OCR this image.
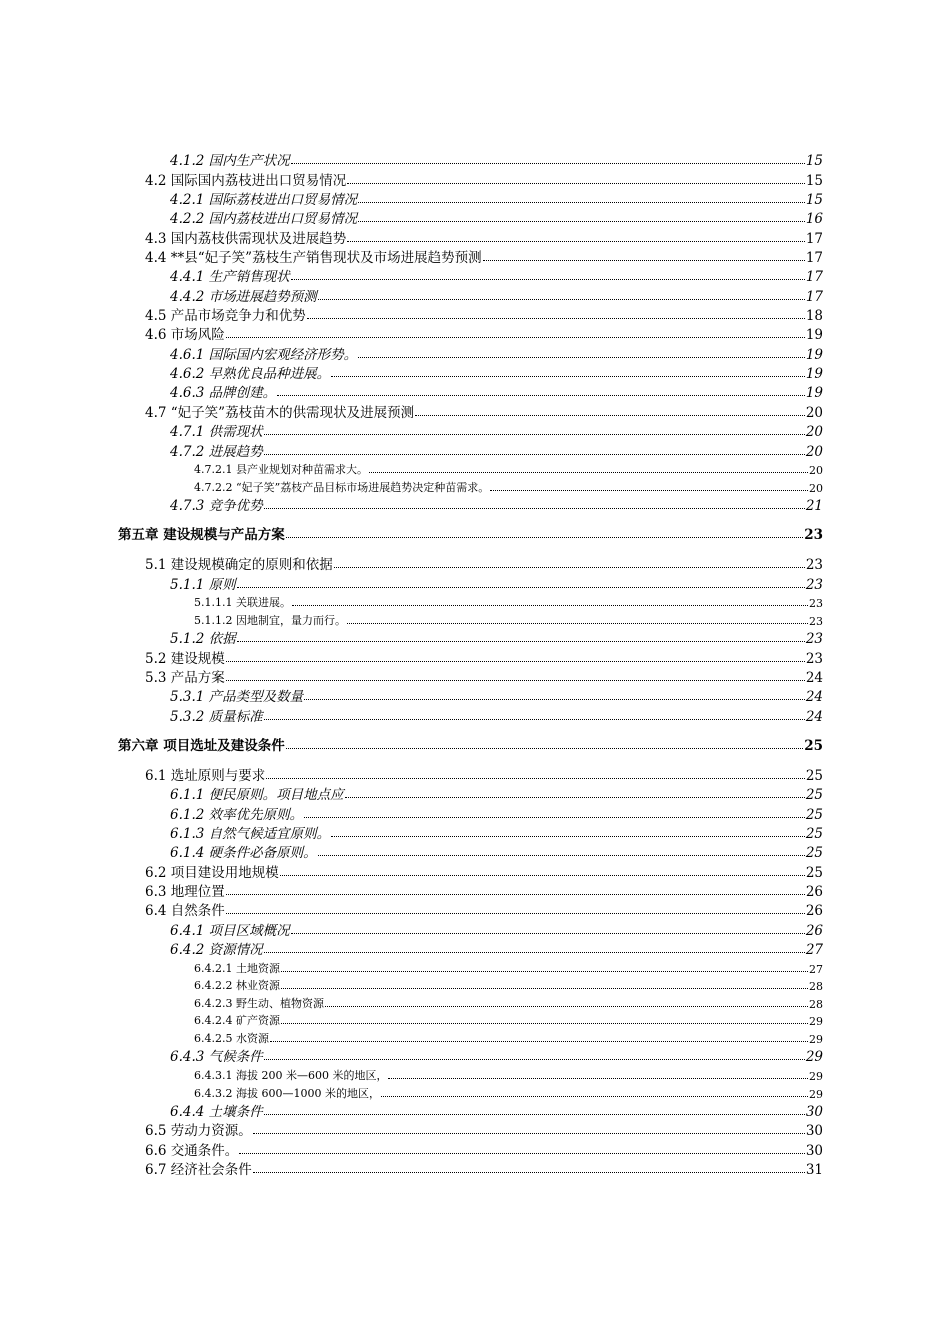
4.1.2 国内生产状况	15
4.2 国际国内荔枝进出口贸易情况	15
4.2.1 国际荔枝进出口贸易情况	15
4.2.2 国内荔枝进出口贸易情况	16
4.3 国内荔枝供需现状及进展趋势	17
4.4 **县“妃子笑”荔枝生产销售现状及市场进展趋势预测	17
4.4.1 生产销售现状	17
4.4.2 市场进展趋势预测	17
4.5 产品市场竞争力和优势	18
4.6 市场风险	19
4.6.1 国际国内宏观经济形势。	19
4.6.2 早熟优良品种进展。	19
4.6.3 品牌创建。	19
4.7 “妃子笑”荔枝苗木的供需现状及进展预测	20
4.7.1 供需现状	20
4.7.2 进展趋势	20
4.7.2.1 县产业规划对种苗需求大。	20
4.7.2.2 “妃子笑”荔枝产品目标市场进展趋势决定种苗需求。	20
4.7.3 竞争优势	21
第五章 建设规模与产品方案	23
5.1 建设规模确定的原则和依据	23
5.1.1 原则	23
5.1.1.1 关联进展。	23
5.1.1.2 因地制宜，量力而行。	23
5.1.2 依据	23
5.2 建设规模	23
5.3 产品方案	24
5.3.1 产品类型及数量	24
5.3.2 质量标准	24
第六章 项目选址及建设条件	25
6.1 选址原则与要求	25
6.1.1 便民原则。项目地点应	25
6.1.2 效率优先原则。	25
6.1.3 自然气候适宜原则。	25
6.1.4 硬条件必备原则。	25
6.2 项目建设用地规模	25
6.3 地理位置	26
6.4 自然条件	26
6.4.1 项目区域概况	26
6.4.2 资源情况	27
6.4.2.1 土地资源	27
6.4.2.2 林业资源	28
6.4.2.3 野生动、植物资源	28
6.4.2.4 矿产资源	29
6.4.2.5 水资源	29
6.4.3 气候条件	29
6.4.3.1 海拔 200 米—600 米的地区，	29
6.4.3.2 海拔 600—1000 米的地区，	29
6.4.4 土壤条件	30
6.5 劳动力资源。	30
6.6 交通条件。	30
6.7 经济社会条件	31
